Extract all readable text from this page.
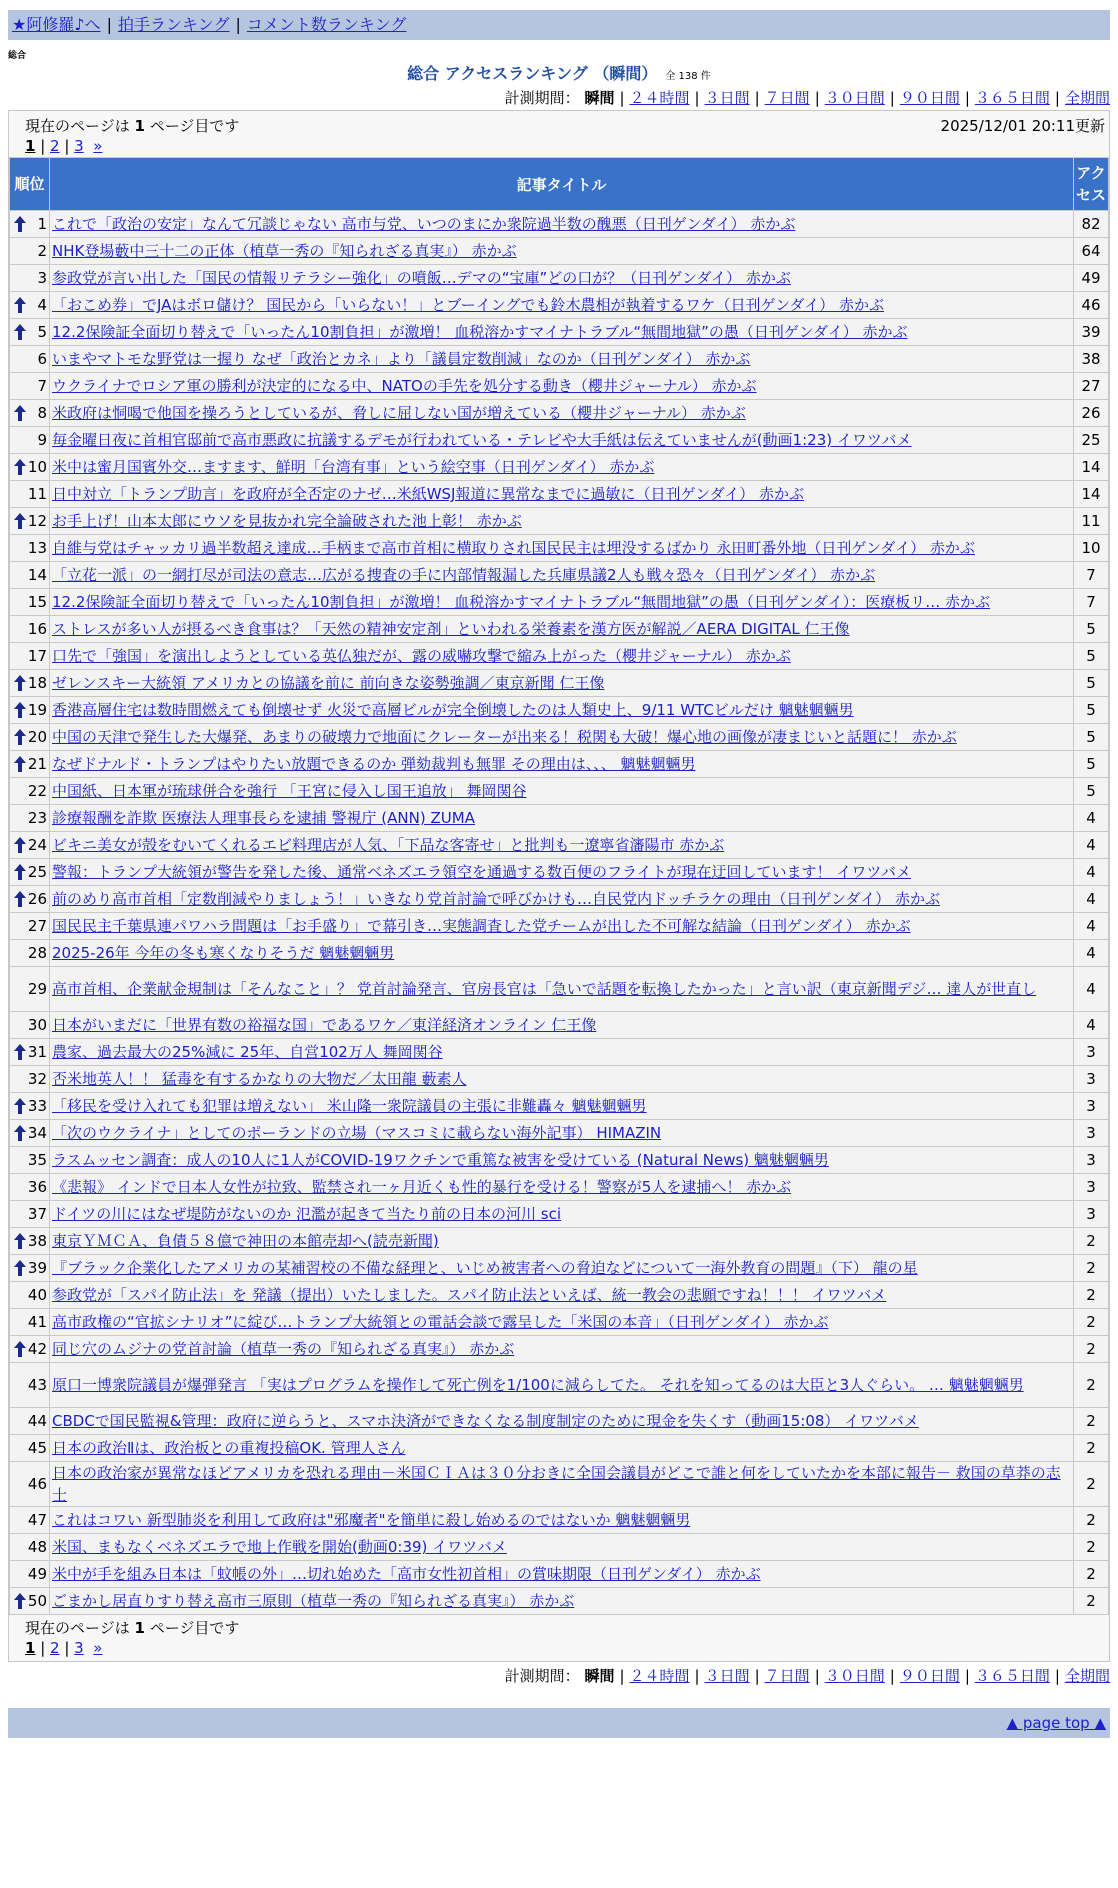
★阿修羅♪へ | 拍手ランキング | コメント数ランキング
総合
総合 アクセスランキング （瞬間） 全 138 件
計測期間： 瞬間 | ２４時間 | ３日間 | ７日間 | ３０日間 | ９０日間 | ３６５日間 | 全期間
現在のページは 1 ページ目です	2025/12/01 20:11更新
1 | 2 | 3 »
順位	記事タイトル	アクセス

1	これで「政治の安定」なんて冗談じゃない 高市与党、いつのまにか衆院過半数の醜悪（日刊ゲンダイ） 赤かぶ	82
2	NHK登場藪中三十二の正体（植草一秀の『知られざる真実』） 赤かぶ	64
3	参政党が言い出した「国民の情報リテラシー強化」の噴飯…デマの“宝庫”どの口が？（日刊ゲンダイ） 赤かぶ	49

4	「おこめ券」でJAはボロ儲け？ 国民から「いらない！」とブーイングでも鈴木農相が執着するワケ（日刊ゲンダイ） 赤かぶ	46

5	12.2保険証全面切り替えで「いったん10割負担」が激増！ 血税溶かすマイナトラブル“無間地獄”の愚（日刊ゲンダイ） 赤かぶ	39
6	いまやマトモな野党は一握り なぜ「政治とカネ」より「議員定数削減」なのか（日刊ゲンダイ） 赤かぶ	38
7	ウクライナでロシア軍の勝利が決定的になる中、NATOの手先を処分する動き（櫻井ジャーナル） 赤かぶ	27

8	米政府は恫喝で他国を操ろうとしているが、脅しに屈しない国が増えている（櫻井ジャーナル） 赤かぶ	26
9	毎金曜日夜に首相官邸前で高市悪政に抗議するデモが行われている・テレビや大手紙は伝えていませんが(動画1:23) イワツバメ	25

10	米中は蜜月国賓外交…ますます、鮮明「台湾有事」という絵空事（日刊ゲンダイ） 赤かぶ	14
11	日中対立「トランプ助言」を政府が全否定のナゼ…米紙WSJ報道に異常なまでに過敏に（日刊ゲンダイ） 赤かぶ	14

12	お手上げ！山本太郎にウソを見抜かれ完全論破された池上彰！ 赤かぶ	11
13	自維与党はチャッカリ過半数超え達成…手柄まで高市首相に横取りされ国民民主は埋没するばかり 永田町番外地（日刊ゲンダイ） 赤かぶ	10
14	「立花一派」の一網打尽が司法の意志…広がる捜査の手に内部情報漏した兵庫県議2人も戦々恐々（日刊ゲンダイ） 赤かぶ	7
15	12.2保険証全面切り替えで「いったん10割負担」が激増！ 血税溶かすマイナトラブル“無間地獄”の愚（日刊ゲンダイ）：医療板リ… 赤かぶ	7
16	ストレスが多い人が摂るべき食事は？「天然の精神安定剤」といわれる栄養素を漢方医が解説／AERA DIGITAL 仁王像	5
17	口先で「強国」を演出しようとしている英仏独だが、露の威嚇攻撃で縮み上がった（櫻井ジャーナル） 赤かぶ	5

18	ゼレンスキー大統領 アメリカとの協議を前に 前向きな姿勢強調／東京新聞 仁王像	5

19	香港高層住宅は数時間燃えても倒壊せず 火災で高層ビルが完全倒壊したのは人類史上、9/11 WTCビルだけ 魑魅魍魎男	5

20	中国の天津で発生した大爆発、あまりの破壊力で地面にクレーターが出来る！税関も大破！爆心地の画像が凄まじいと話題に！ 赤かぶ	5

21	なぜドナルド・トランプはやりたい放題できるのか 弾劾裁判も無罪 その理由は、、、 魑魅魍魎男	5
22	中国紙、日本軍が琉球併合を強行 「王宮に侵入し国王追放」 舞岡関谷	5
23	診療報酬を詐欺 医療法人理事長らを逮捕 警視庁 (ANN) ZUMA	4

24	ビキニ美女が殻をむいてくれるエビ料理店が人気、「下品な客寄せ」と批判も一遼寧省瀋陽市 赤かぶ	4

25	警報：トランプ大統領が警告を発した後、通常ベネズエラ領空を通過する数百便のフライトが現在迂回しています！ イワツバメ	4

26	前のめり高市首相「定数削減やりましょう！」いきなり党首討論で呼びかけも…自民党内ドッチラケの理由（日刊ゲンダイ） 赤かぶ	4
27	国民民主千葉県連パワハラ問題は「お手盛り」で幕引き…実態調査した党チームが出した不可解な結論（日刊ゲンダイ） 赤かぶ	4
28	2025-26年 今年の冬も寒くなりそうだ 魑魅魍魎男	4
29	高市首相、企業献金規制は「そんなこと」？ 党首討論発言、官房長官は「急いで話題を転換したかった」と言い訳（東京新聞デジ… 達人が世直し	4
30	日本がいまだに「世界有数の裕福な国」であるワケ／東洋経済オンライン 仁王像	4

31	農家、過去最大の25%減に 25年、自営102万人 舞岡関谷	3
32	否米地英人！！ 猛毒を有するかなりの大物だ／太田龍 藪素人	3

33	「移民を受け入れても犯罪は増えない」 米山隆一衆院議員の主張に非難轟々 魑魅魍魎男	3

34	「次のウクライナ」としてのポーランドの立場（マスコミに載らない海外記事） HIMAZIN	3
35	ラスムッセン調査：成人の10人に1人がCOVID-19ワクチンで重篤な被害を受けている (Natural News) 魑魅魍魎男	3
36	《悲報》 インドで日本人女性が拉致、監禁され一ヶ月近くも性的暴行を受ける！警察が5人を逮捕へ！ 赤かぶ	3
37	ドイツの川にはなぜ堤防がないのか 氾濫が起きて当たり前の日本の河川 sci	3

38	東京ＹＭＣＡ、負債５８億で神田の本館売却へ(読売新聞)	2

39	『ブラック企業化したアメリカの某補習校の不備な経理と、いじめ被害者への脅迫などについて一海外教育の問題』（下） 龍の星	2
40	参政党が「スパイ防止法」を 発議（提出）いたしました。スパイ防止法といえば、統一教会の悲願ですね！！！ イワツバメ	2
41	高市政権の“官拡シナリオ”に綻び…トランプ大統領との電話会談で露呈した「米国の本音」（日刊ゲンダイ） 赤かぶ	2

42	同じ穴のムジナの党首討論（植草一秀の『知られざる真実』） 赤かぶ	2
43	原口一博衆院議員が爆弾発言 「実はプログラムを操作して死亡例を1/100に減らしてた。 それを知ってるのは大臣と3人ぐらい。 … 魑魅魍魎男	2
44	CBDCで国民監視&管理：政府に逆らうと、スマホ決済ができなくなる制度制定のために現金を失くす（動画15:08） イワツバメ	2
45	日本の政治Ⅱは、政治板との重複投稿OK. 管理人さん	2
46	日本の政治家が異常なほどアメリカを恐れる理由－米国ＣＩＡは３０分おきに全国会議員がどこで誰と何をしていたかを本部に報告－ 救国の草莽の志士	2
47	これはコワい 新型肺炎を利用して政府は"邪魔者"を簡単に殺し始めるのではないか 魑魅魍魎男	2
48	米国、まもなくベネズエラで地上作戦を開始(動画0:39) イワツバメ	2
49	米中が手を組み日本は「蚊帳の外」…切れ始めた「高市女性初首相」の賞味期限（日刊ゲンダイ） 赤かぶ	2

50	ごまかし居直りすり替え高市三原則（植草一秀の『知られざる真実』） 赤かぶ	2
現在のページは 1 ページ目です
1 | 2 | 3 »
計測期間： 瞬間 | ２４時間 | ３日間 | ７日間 | ３０日間 | ９０日間 | ３６５日間 | 全期間
▲ page top ▲
